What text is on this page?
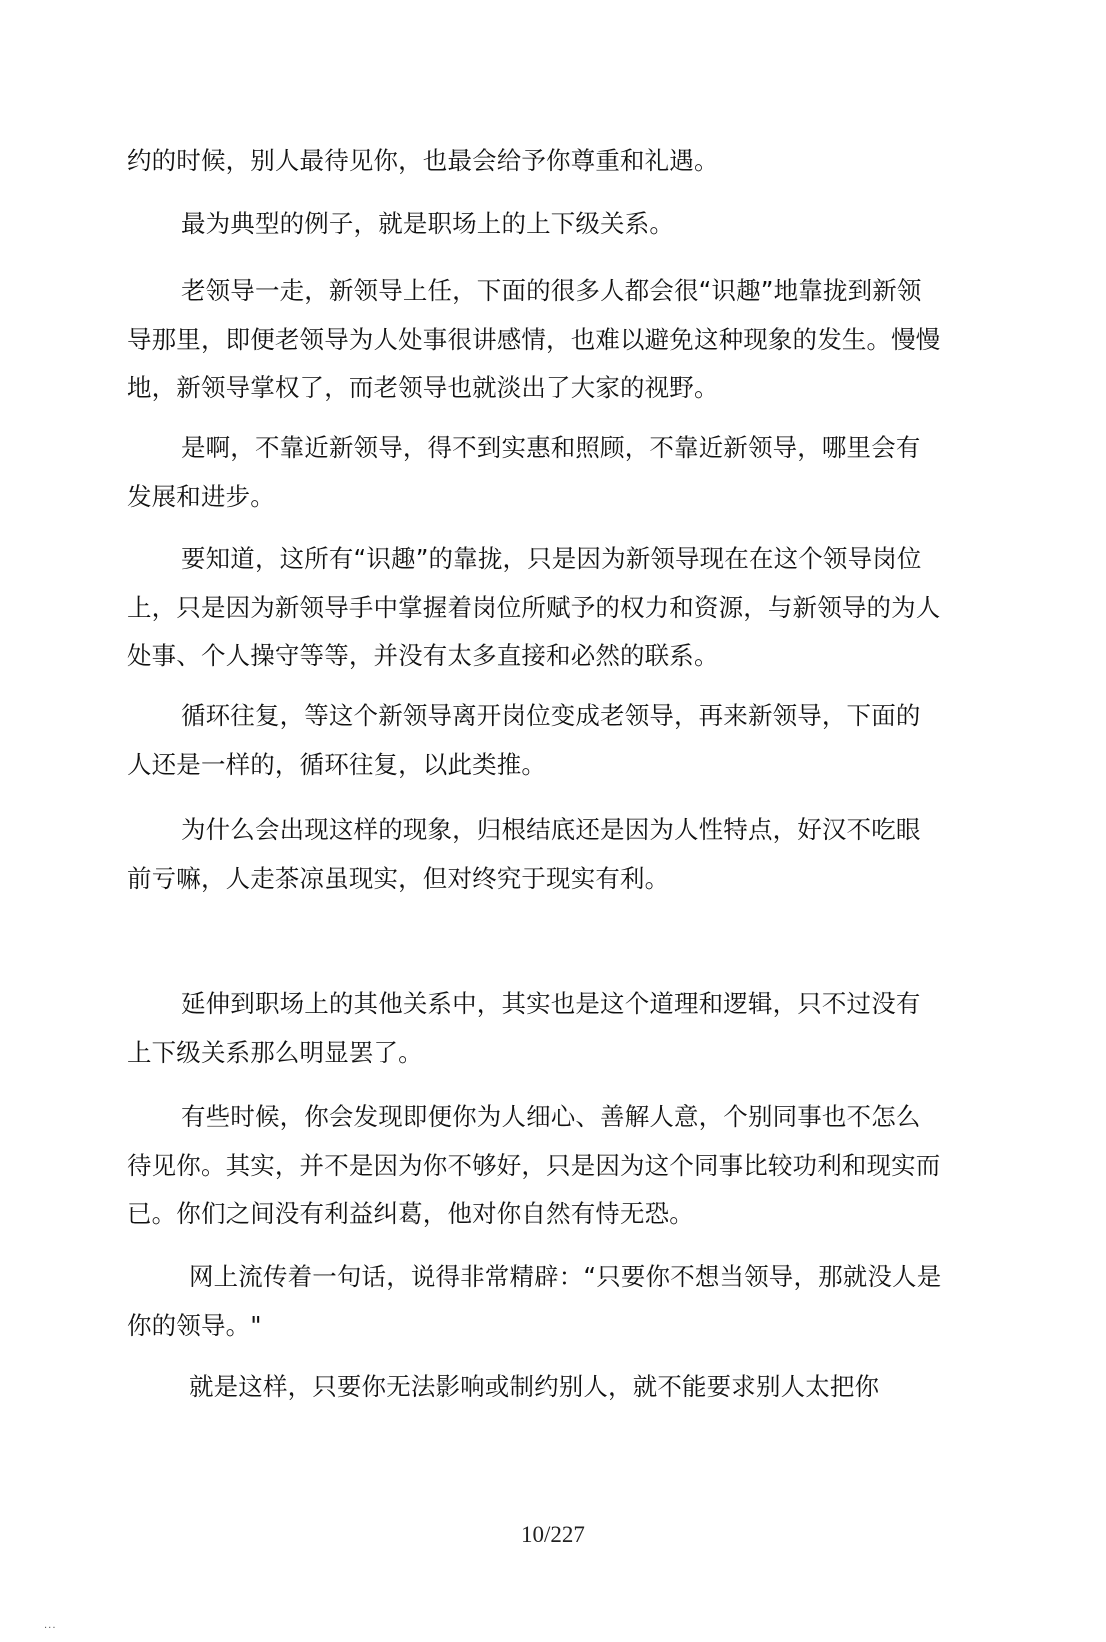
约的时候，别人最待见你，也最会给予你尊重和礼遇。

最为典型的例子，就是职场上的上下级关系。

老领导一走，新领导上任，下面的很多人都会很“识趣”地靠拢到新领导那里，即便老领导为人处事很讲感情，也难以避免这种现象的发生。慢慢地，新领导掌权了，而老领导也就淡出了大家的视野。

是啊，不靠近新领导，得不到实惠和照顾，不靠近新领导，哪里会有发展和进步。

要知道，这所有“识趣”的靠拢，只是因为新领导现在在这个领导岗位上，只是因为新领导手中掌握着岗位所赋予的权力和资源，与新领导的为人处事、个人操守等等，并没有太多直接和必然的联系。

循环往复，等这个新领导离开岗位变成老领导，再来新领导，下面的人还是一样的，循环往复，以此类推。

为什么会出现这样的现象，归根结底还是因为人性特点，好汉不吃眼前亏嘛，人走茶凉虽现实，但对终究于现实有利。

延伸到职场上的其他关系中，其实也是这个道理和逻辑，只不过没有上下级关系那么明显罢了。

有些时候，你会发现即便你为人细心、善解人意，个别同事也不怎么待见你。其实，并不是因为你不够好，只是因为这个同事比较功利和现实而已。你们之间没有利益纠葛，他对你自然有恃无恐。

网上流传着一句话，说得非常精辟：“只要你不想当领导，那就没人是你的领导。"

就是这样，只要你无法影响或制约别人，就不能要求别人太把你

10/227
...
